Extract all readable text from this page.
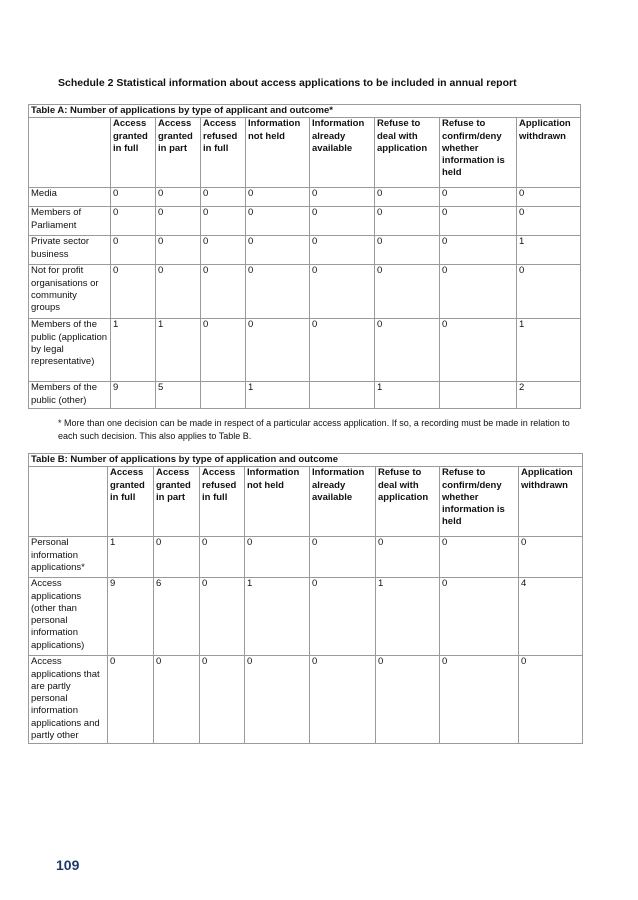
Schedule 2 Statistical information about access applications to be included in annual report
Table A: Number of applications by type of applicant and outcome*								
	Access granted in full	Access granted in part	Access refused in full	Information not held	Information already available	Refuse to deal with application	Refuse to confirm/deny whether information is held	Application withdrawn
Media	0	0	0	0	0	0	0	0
Members of Parliament	0	0	0	0	0	0	0	0
Private sector business	0	0	0	0	0	0	0	1
Not for profit organisations or community groups	0	0	0	0	0	0	0	0
Members of the public (application by legal representative)	1	1	0	0	0	0	0	1
Members of the public (other)	9	5		1		1		2
* More than one decision can be made in respect of a particular access application. If so, a recording must be made in relation to each such decision. This also applies to Table B.
Table B: Number of applications by type of application and outcome								
	Access granted in full	Access granted in part	Access refused in full	Information not held	Information already available	Refuse to deal with application	Refuse to confirm/deny whether information is held	Application withdrawn
Personal information applications*	1	0	0	0	0	0	0	0
Access applications (other than personal information applications)	9	6	0	1	0	1	0	4
Access applications that are partly personal information applications and partly other	0	0	0	0	0	0	0	0
109
